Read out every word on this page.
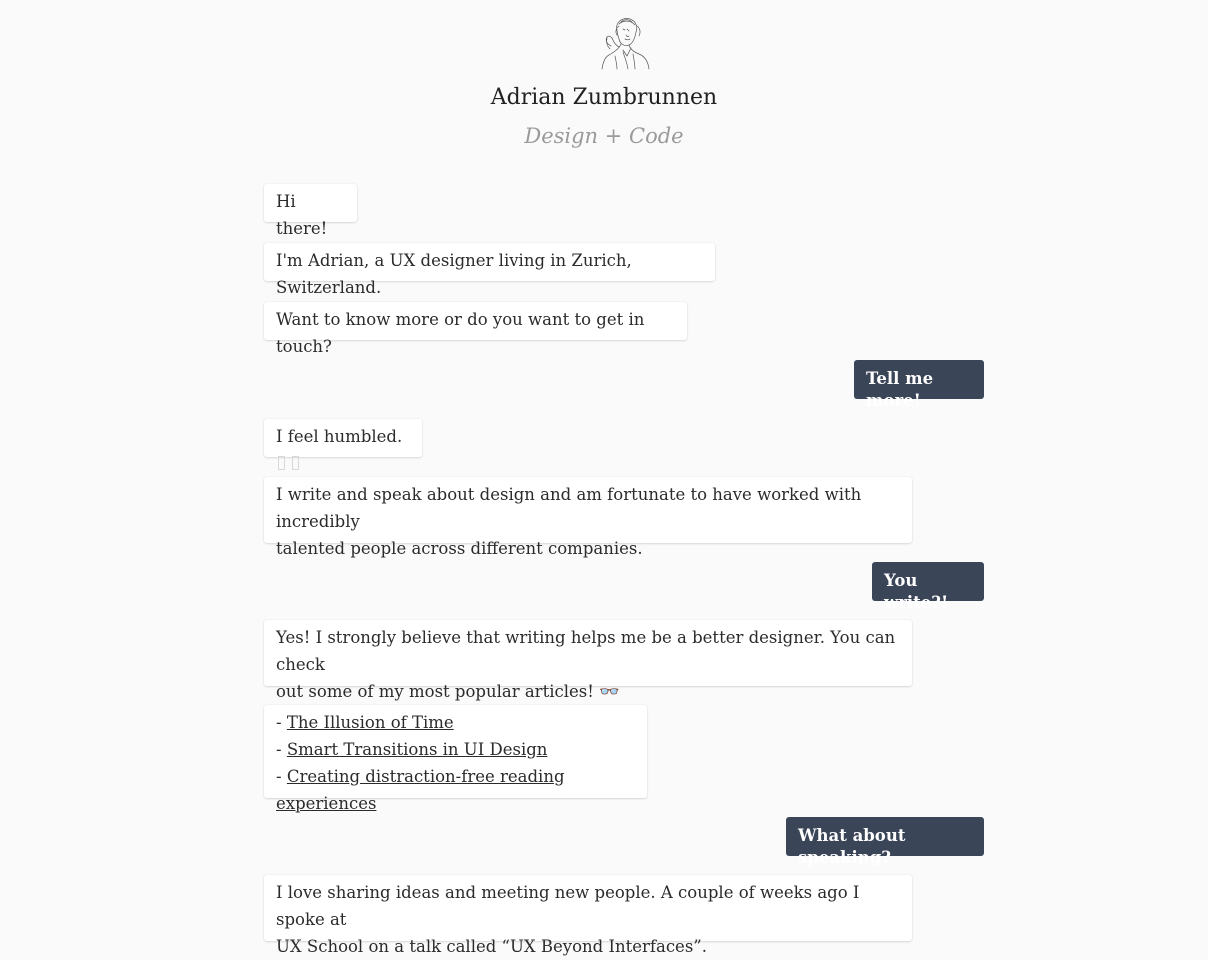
Adrian Zumbrunnen
Design + Code
Hi there!
I'm Adrian, a UX designer living in Zurich, Switzerland.
Want to know more or do you want to get in touch?
Tell me more!
I feel humbled.
I write and speak about design and am fortunate to have worked with incredibly
talented people across different companies.
You write?!
Yes! I strongly believe that writing helps me be a better designer. You can check
out some of my most popular articles! 👓
- The Illusion of Time
- Smart Transitions in UI Design
- Creating distraction-free reading experiences
What about speaking?
I love sharing ideas and meeting new people. A couple of weeks ago I spoke at
UX School on a talk called “UX Beyond Interfaces”.
